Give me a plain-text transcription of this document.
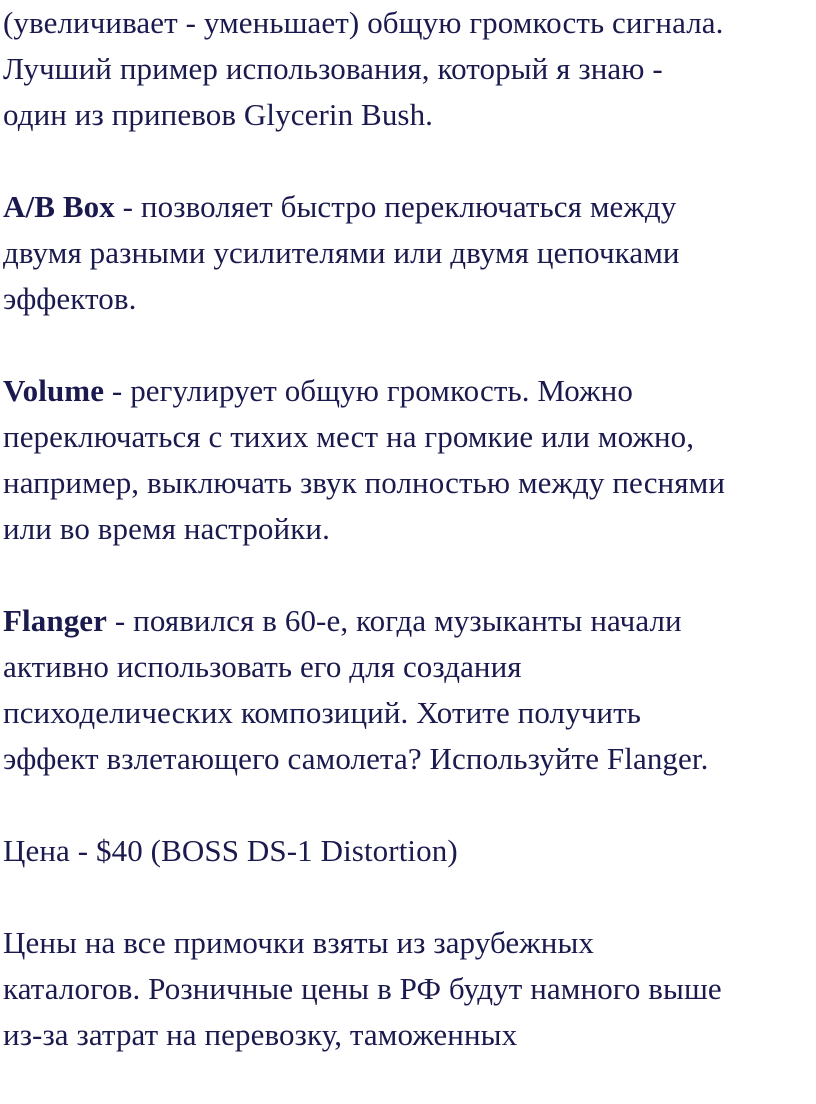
(увеличивает - уменьшает) общую громкость сигнала.
Лучший пример использования, который я знаю -
один из припевов Glycerin Bush.

A/B Box - позволяет быстро переключаться между
двумя разными усилителями или двумя цепочками
эффектов.

Volume - регулирует общую громкость. Можно
переключаться с тихих мест на громкие или можно,
например, выключать звук полностью между песнями
или во время настройки.

Flanger - появился в 60-е, когда музыканты начали
активно использовать его для создания
психоделических композиций. Хотите получить
эффект взлетающего самолета? Используйте Flanger.

Цена - $40 (BOSS DS-1 Distortion)

Цены на все примочки взяты из зарубежных
каталогов. Розничные цены в РФ будут намного выше
из-за затрат на перевозку, таможенных
